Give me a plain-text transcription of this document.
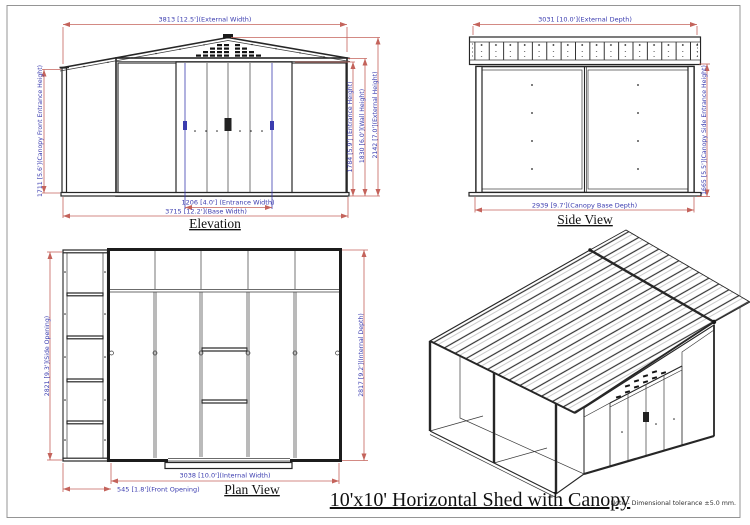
3813 [12.5'](External Width)
1711 [5.6'](Canopy Front Entrance Height)	1784 [5.9'] (Entrance Height) 1830 [6.0'](Wall Height) 2142 [7.0'](External Height)
1206 [4.0'] (Entrance Width)
3715 [12.2'](Base Width)
Elevation
3031 [10.0'](External Depth)
1665 [5.5'](Canopy Side Entrance Height)
2939 [9.7'](Canopy Base Depth)
Side View
2821 [9.3'](Side Opening)	2817 [9.2'](Internal Depth)
3038 [10.0'](Internal Width)
545 [1.8'](Front Opening) Plan View 10'x10' Horizontal Shed with Canopy
Note - Dimensional tolerance ±5.0 mm.
